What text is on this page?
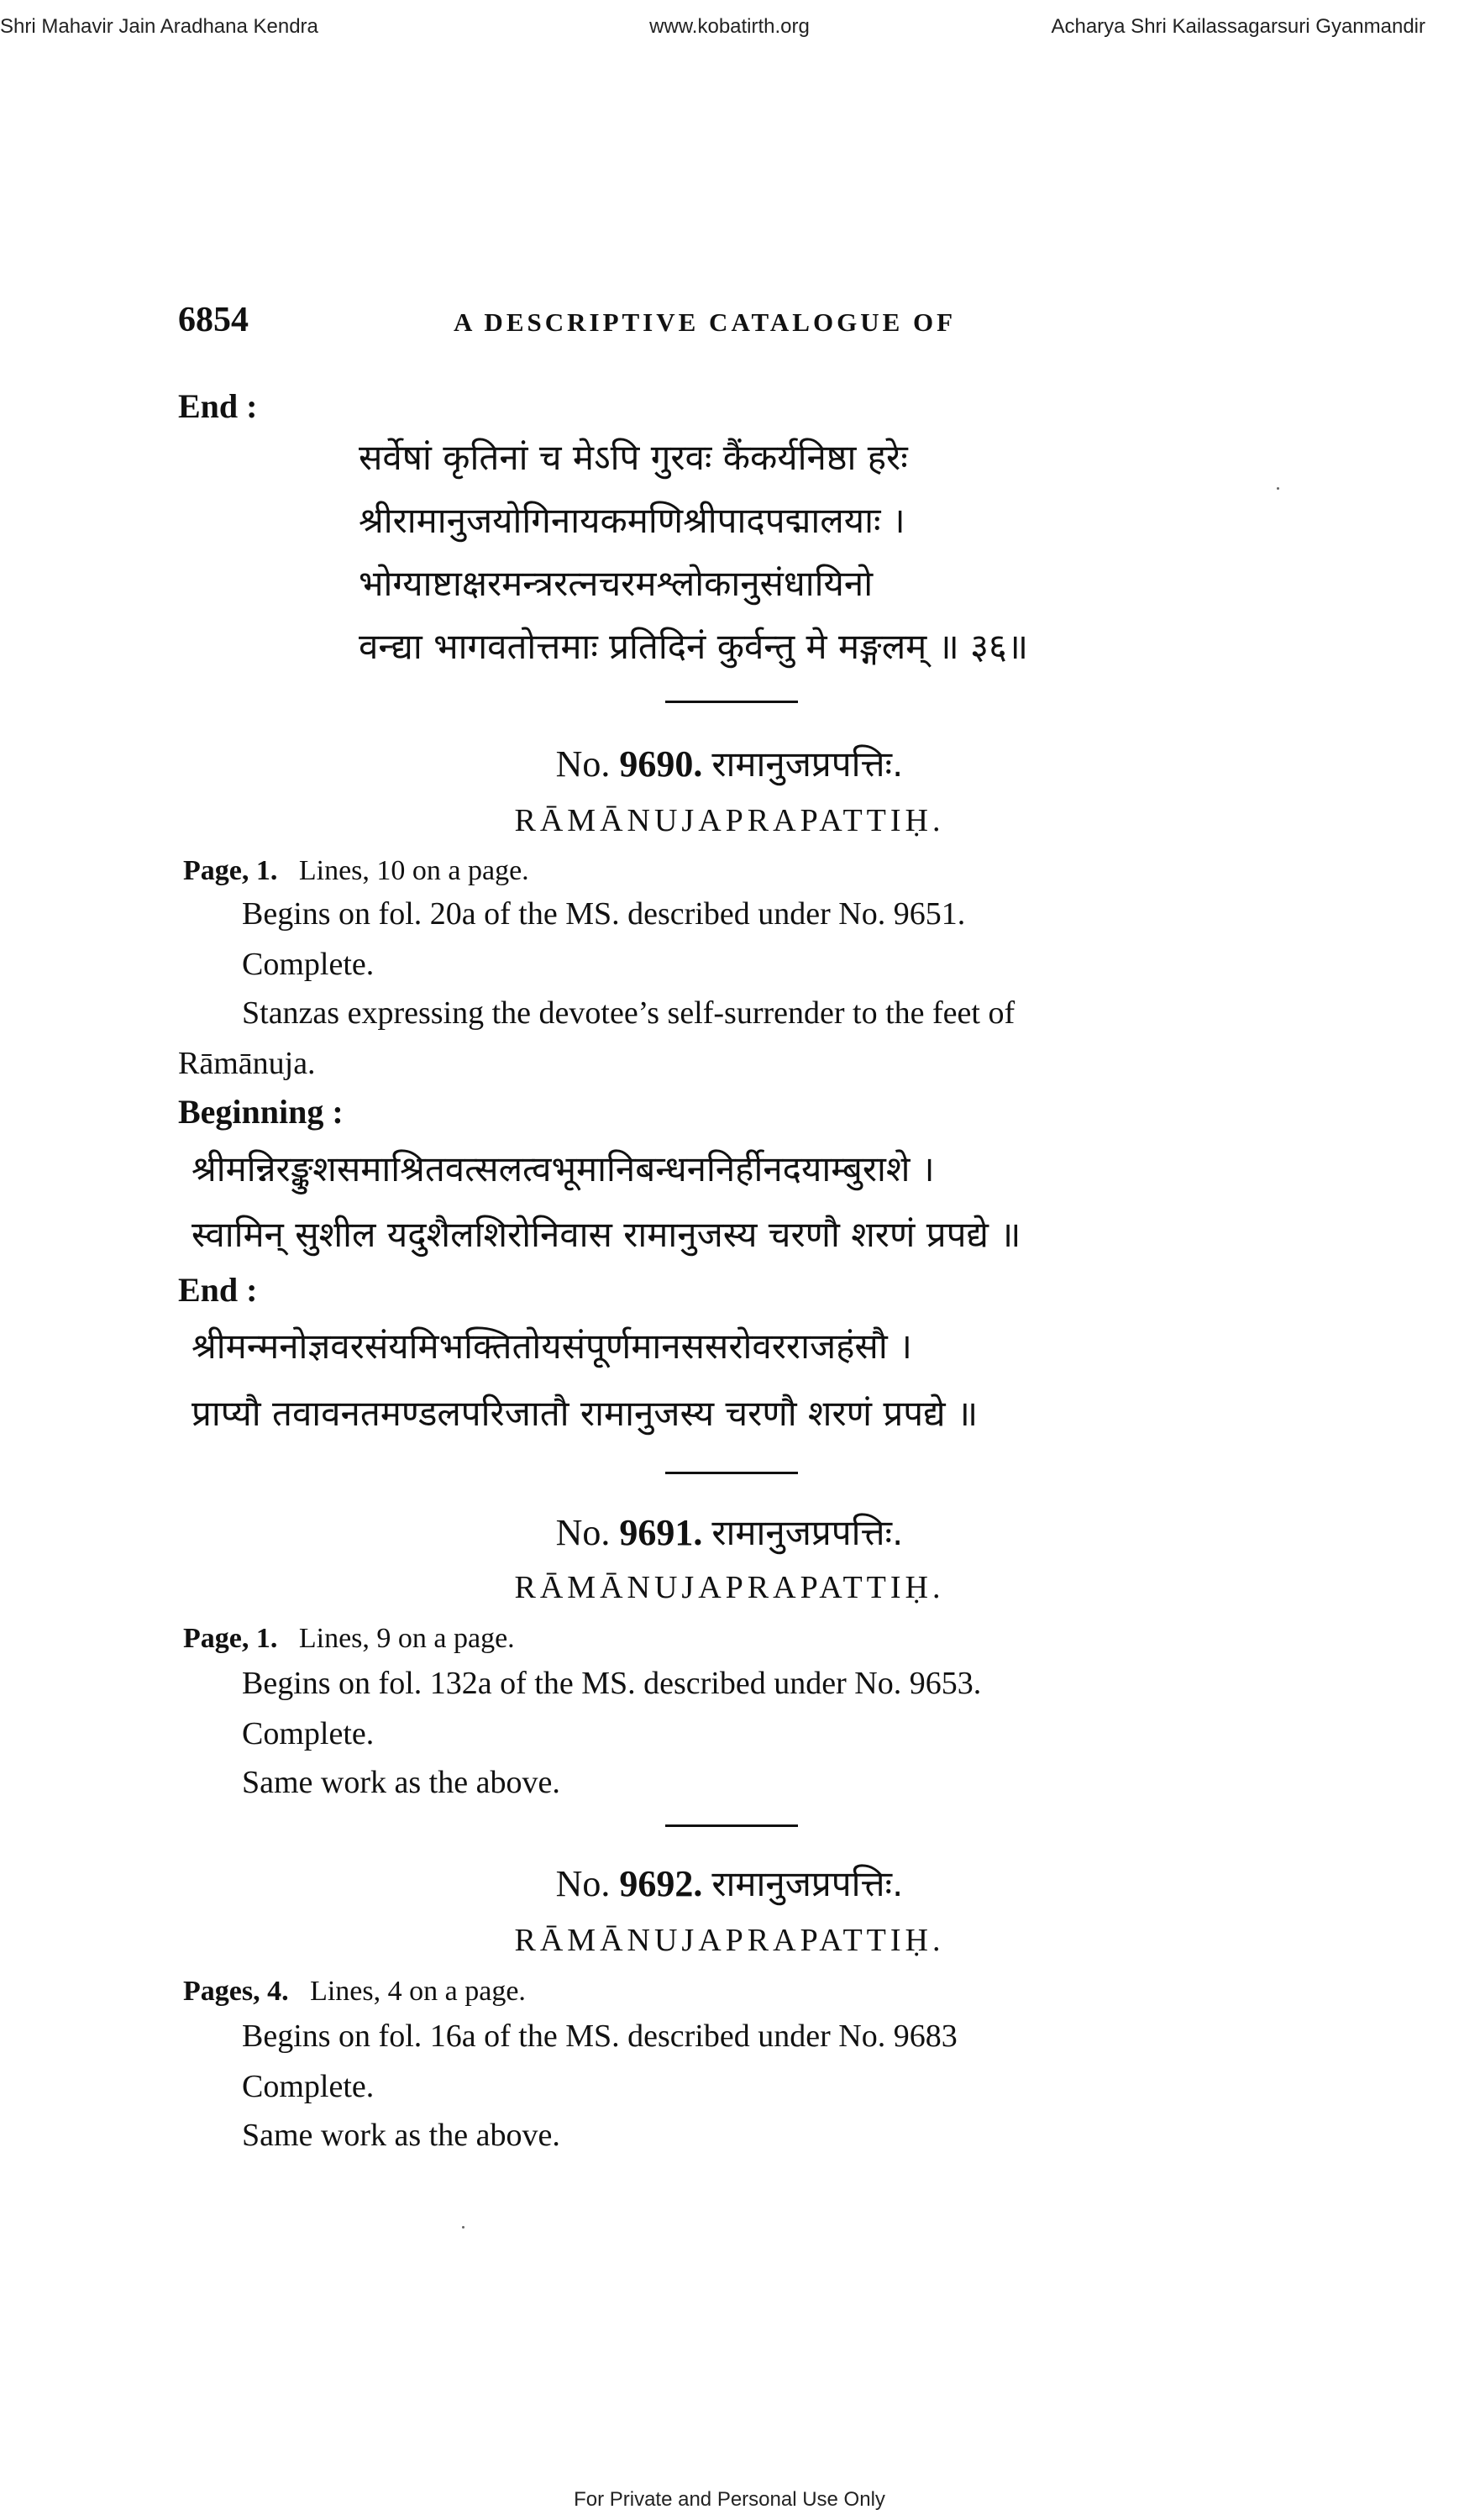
Shri Mahavir Jain Aradhana Kendra	www.kobatirth.org	Acharya Shri Kailassagarsuri Gyanmandir
6854	A DESCRIPTIVE CATALOGUE OF
End :
सर्वेषां कृतिनां च मेऽपि गुरवः कैंकर्यनिष्ठा हरेः
श्रीरामानुजयोगिनायकमणिश्रीपादपद्मालयाः ।
भोग्याष्टाक्षरमन्त्ररत्नचरमश्लोकानुसंधायिनो
वन्द्या भागवतोत्तमाः प्रतिदिनं कुर्वन्तु मे मङ्गलम् ॥ ३६॥
No. 9690. रामानुजप्रपत्तिः.
RĀMĀNUJAPRAPATTIḤ.
Page, 1. Lines, 10 on a page.
Begins on fol. 20a of the MS. described under No. 9651.
Complete.
Stanzas expressing the devotee’s self-surrender to the feet of
Rāmānuja.
Beginning :
श्रीमन्निरङ्कुशसमाश्रितवत्सलत्वभूमानिबन्धननिर्हीनदयाम्बुराशे ।
स्वामिन् सुशील यदुशैलशिरोनिवास रामानुजस्य चरणौ शरणं प्रपद्ये ॥
End :
श्रीमन्मनोज्ञवरसंयमिभक्तितोयसंपूर्णमानससरोवरराजहंसौ ।
प्राप्यौ तवावनतमण्डलपरिजातौ रामानुजस्य चरणौ शरणं प्रपद्ये ॥
No. 9691. रामानुजप्रपत्तिः.
RĀMĀNUJAPRAPATTIḤ.
Page, 1. Lines, 9 on a page.
Begins on fol. 132a of the MS. described under No. 9653.
Complete.
Same work as the above.
No. 9692. रामानुजप्रपत्तिः.
RĀMĀNUJAPRAPATTIḤ.
Pages, 4. Lines, 4 on a page.
Begins on fol. 16a of the MS. described under No. 9683
Complete.
Same work as the above.
For Private and Personal Use Only
